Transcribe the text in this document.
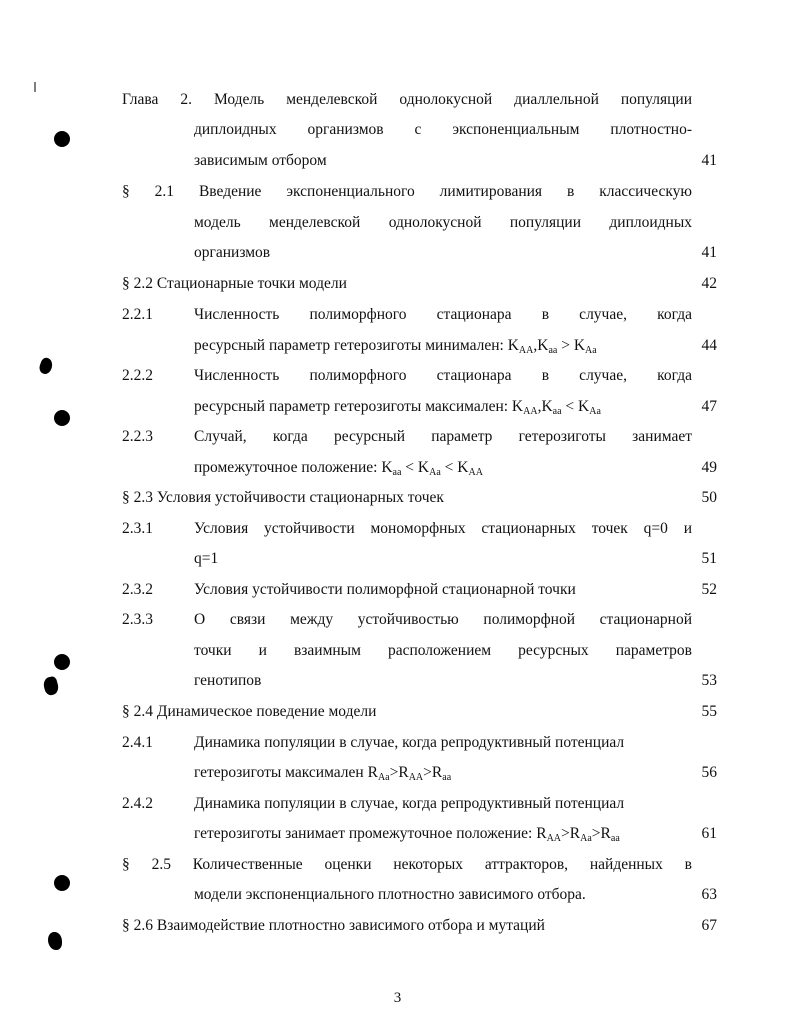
Глава 2. Модель менделевской однолокусной диаллельной популяции
диплоидных организмов с экспоненциальным плотностно-
зависимым отбором	41
§ 2.1 Введение экспоненциального лимитирования в классическую
модель менделевской однолокусной популяции диплоидных
организмов	41
§ 2.2 Стационарные точки модели	42
2.2.1	Численность полиморфного стационара в случае, когда
ресурсный параметр гетерозиготы минимален: $K_{AA},K_{aa} > K_{Aa}$	44
2.2.2	Численность полиморфного стационара в случае, когда
ресурсный параметр гетерозиготы максимален: $K_{AA},K_{aa} < K_{Aa}$	47
2.2.3	Случай, когда ресурсный параметр гетерозиготы занимает
промежуточное положение: $K_{aa} < K_{Aa} < K_{AA}$	49
§ 2.3 Условия устойчивости стационарных точек	50
2.3.1	Условия устойчивости мономорфных стационарных точек q=0 и
q=1	51
2.3.2	Условия устойчивости полиморфной стационарной точки	52
2.3.3	О связи между устойчивостью полиморфной стационарной
точки и взаимным расположением ресурсных параметров
генотипов	53
§ 2.4 Динамическое поведение модели	55
2.4.1	Динамика популяции в случае, когда репродуктивный потенциал
гетерозиготы максимален $R_{Aa}>R_{AA}>R_{aa}$	56
2.4.2	Динамика популяции в случае, когда репродуктивный потенциал
гетерозиготы занимает промежуточное положение: $R_{AA}>R_{Aa}>R_{aa}$	61
§ 2.5 Количественные оценки некоторых аттракторов, найденных в
модели экспоненциального плотностно зависимого отбора.	63
§ 2.6 Взаимодействие плотностно зависимого отбора и мутаций	67
3
